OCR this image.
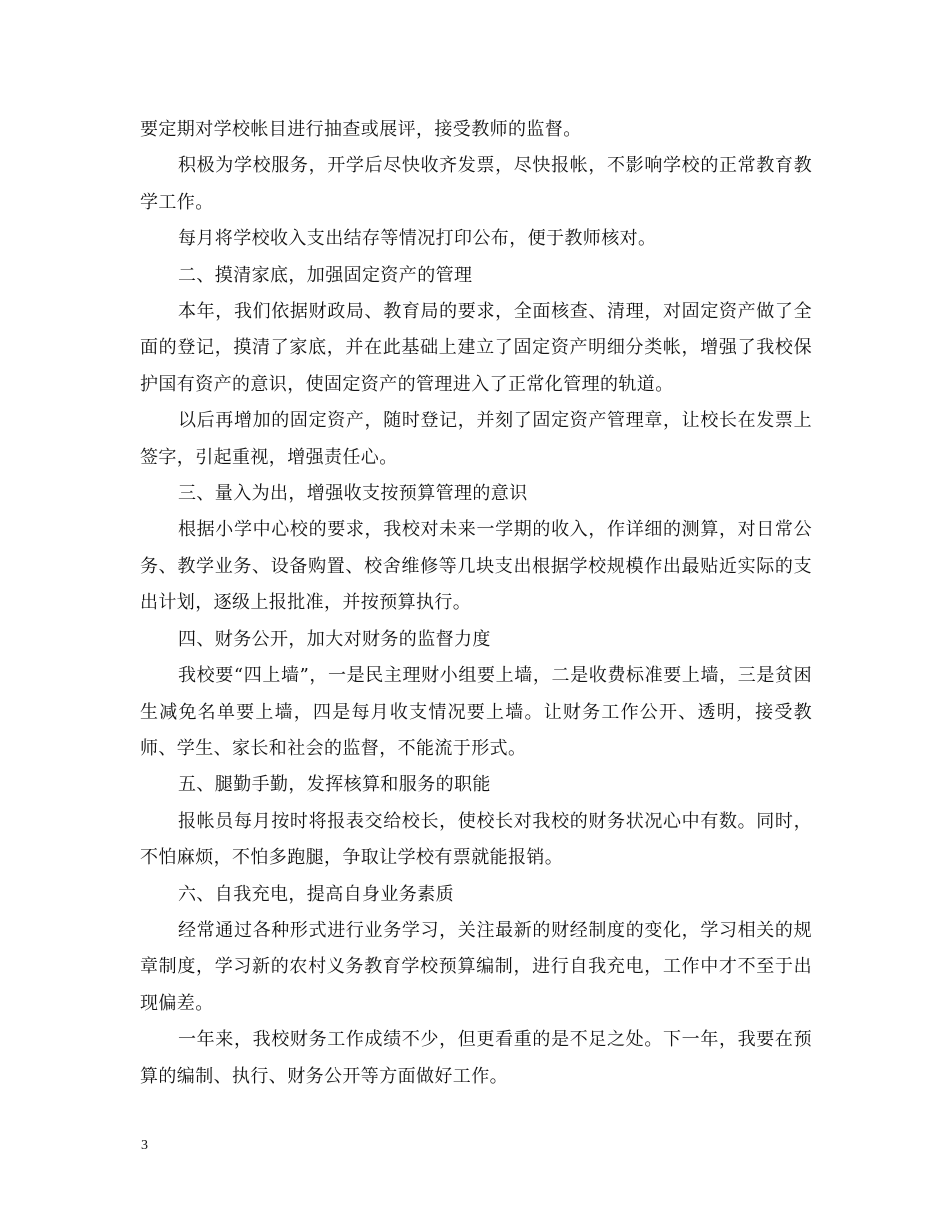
要定期对学校帐目进行抽查或展评，接受教师的监督。

积极为学校服务，开学后尽快收齐发票，尽快报帐，不影响学校的正常教育教学工作。

每月将学校收入支出结存等情况打印公布，便于教师核对。

二、摸清家底，加强固定资产的管理

本年，我们依据财政局、教育局的要求，全面核查、清理，对固定资产做了全面的登记，摸清了家底，并在此基础上建立了固定资产明细分类帐，增强了我校保护国有资产的意识，使固定资产的管理进入了正常化管理的轨道。

以后再增加的固定资产，随时登记，并刻了固定资产管理章，让校长在发票上签字，引起重视，增强责任心。

三、量入为出，增强收支按预算管理的意识

根据小学中心校的要求，我校对未来一学期的收入，作详细的测算，对日常公务、教学业务、设备购置、校舍维修等几块支出根据学校规模作出最贴近实际的支出计划，逐级上报批准，并按预算执行。

四、财务公开，加大对财务的监督力度

我校要“四上墙”，一是民主理财小组要上墙，二是收费标准要上墙，三是贫困生减免名单要上墙，四是每月收支情况要上墙。让财务工作公开、透明，接受教师、学生、家长和社会的监督，不能流于形式。

五、腿勤手勤，发挥核算和服务的职能

报帐员每月按时将报表交给校长，使校长对我校的财务状况心中有数。同时，不怕麻烦，不怕多跑腿，争取让学校有票就能报销。

六、自我充电，提高自身业务素质

经常通过各种形式进行业务学习，关注最新的财经制度的变化，学习相关的规章制度，学习新的农村义务教育学校预算编制，进行自我充电，工作中才不至于出现偏差。

一年来，我校财务工作成绩不少，但更看重的是不足之处。下一年，我要在预算的编制、执行、财务公开等方面做好工作。

3
